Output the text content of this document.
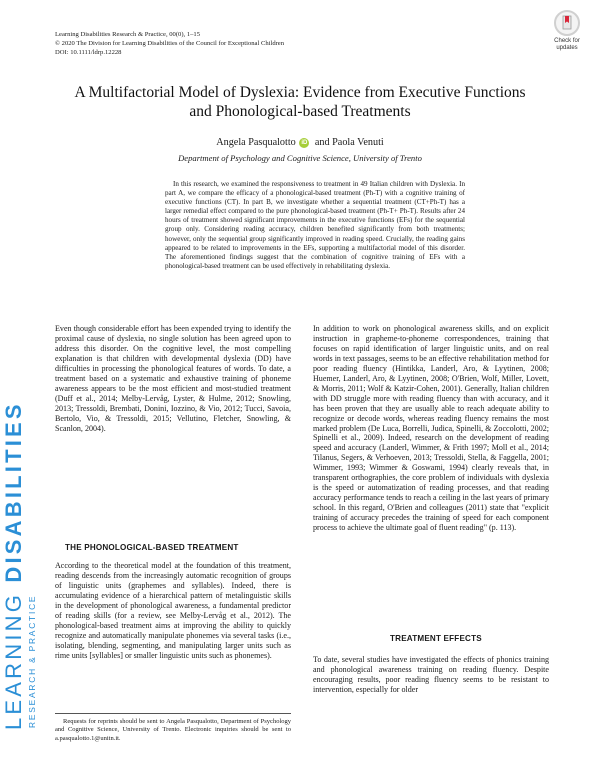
Learning Disabilities Research & Practice, 00(0), 1–15
© 2020 The Division for Learning Disabilities of the Council for Exceptional Children
DOI: 10.1111/ldrp.12228
Check for
updates
A Multifactorial Model of Dyslexia: Evidence from Executive Functions
and Phonological-based Treatments
Angela Pasqualotto iD and Paola Venuti
Department of Psychology and Cognitive Science, University of Trento

In this research, we examined the responsiveness to treatment in 49 Italian children with Dyslexia. In part A, we compare the efficacy of a phonological-based treatment (Ph-T) with a cognitive training of executive functions (CT). In part B, we investigate whether a sequential treatment (CT+Ph-T) has a larger remedial effect compared to the pure phonological-based treatment (Ph-T+ Ph-T). Results after 24 hours of treatment showed significant improvements in the executive functions (EFs) for the sequential group only. Considering reading accuracy, children benefited significantly from both treatments; however, only the sequential group significantly improved in reading speed. Crucially, the reading gains appeared to be related to improvements in the EFs, supporting a multifactorial model of this disorder. The aforementioned findings suggest that the combination of cognitive training of EFs with a phonological-based treatment can be used effectively in rehabilitating dyslexia.

LEARNING DISABILITIES
RESEARCH & PRACTICE

Even though considerable effort has been expended trying to identify the proximal cause of dyslexia, no single solution has been agreed upon to address this disorder. On the cognitive level, the most compelling explanation is that children with developmental dyslexia (DD) have difficulties in processing the phonological features of words. To date, a treatment based on a systematic and exhaustive training of phoneme awareness appears to be the most efficient and most-studied treatment (Duff et al., 2014; Melby-Lervåg, Lyster, & Hulme, 2012; Snowling, 2013; Tressoldi, Brembati, Donini, Iozzino, & Vio, 2012; Tucci, Savoia, Bertolo, Vio, & Tressoldi, 2015; Vellutino, Fletcher, Snowling, & Scanlon, 2004).

THE PHONOLOGICAL-BASED TREATMENT

According to the theoretical model at the foundation of this treatment, reading descends from the increasingly automatic recognition of groups of linguistic units (graphemes and syllables). Indeed, there is accumulating evidence of a hierarchical pattern of metalinguistic skills in the development of phonological awareness, a fundamental predictor of reading skills (for a review, see Melby-Lervåg et al., 2012). The phonological-based treatment aims at improving the ability to quickly recognize and automatically manipulate phonemes via several tasks (i.e., isolating, blending, segmenting, and manipulating larger units such as rime units [syllables] or smaller linguistic units such as phonemes).

In addition to work on phonological awareness skills, and on explicit instruction in grapheme-to-phoneme correspondences, training that focuses on rapid identification of larger linguistic units, and on real words in text passages, seems to be an effective rehabilitation method for poor reading fluency (Hintikka, Landerl, Aro, & Lyytinen, 2008; Huemer, Landerl, Aro, & Lyytinen, 2008; O'Brien, Wolf, Miller, Lovett, & Morris, 2011; Wolf & Katzir-Cohen, 2001). Generally, Italian children with DD struggle more with reading fluency than with accuracy, and it has been proven that they are usually able to reach adequate ability to recognize or decode words, whereas reading fluency remains the most marked problem (De Luca, Borrelli, Judica, Spinelli, & Zoccolotti, 2002; Spinelli et al., 2009). Indeed, research on the development of reading speed and accuracy (Landerl, Wimmer, & Frith 1997; Moll et al., 2014; Tilanus, Segers, & Verhoeven, 2013; Tressoldi, Stella, & Faggella, 2001; Wimmer, 1993; Wimmer & Goswami, 1994) clearly reveals that, in transparent orthographies, the core problem of individuals with dyslexia is the speed or automatization of reading processes, and that reading accuracy performance tends to reach a ceiling in the last years of primary school. In this regard, O'Brien and colleagues (2011) state that "explicit training of accuracy precedes the training of speed for each component process to achieve the ultimate goal of fluent reading" (p. 113).

TREATMENT EFFECTS

To date, several studies have investigated the effects of phonics training and phonological awareness training on reading fluency. Despite encouraging results, poor reading fluency seems to be resistant to intervention, especially for older

Requests for reprints should be sent to Angela Pasqualotto, Department of Psychology and Cognitive Science, University of Trento. Electronic inquiries should be sent to a.pasqualotto.1@unitn.it.
